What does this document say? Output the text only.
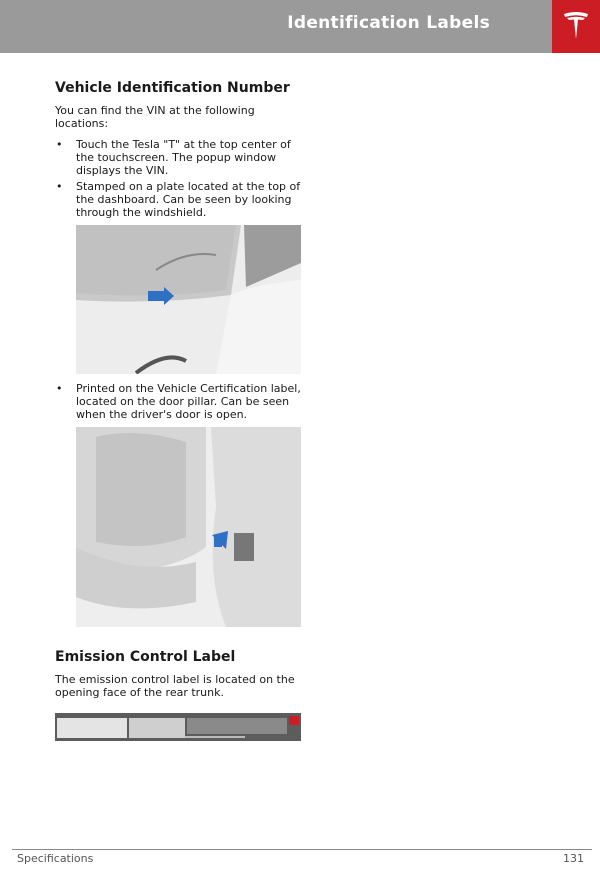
Identification Labels
Vehicle Identification Number

You can find the VIN at the following locations:

• Touch the Tesla "T" at the top center of the touchscreen. The popup window displays the VIN.
• Stamped on a plate located at the top of the dashboard. Can be seen by looking through the windshield.
• Printed on the Vehicle Certification label, located on the door pillar. Can be seen when the driver's door is open.
Emission Control Label

The emission control label is located on the opening face of the rear trunk.

Specifications	131
